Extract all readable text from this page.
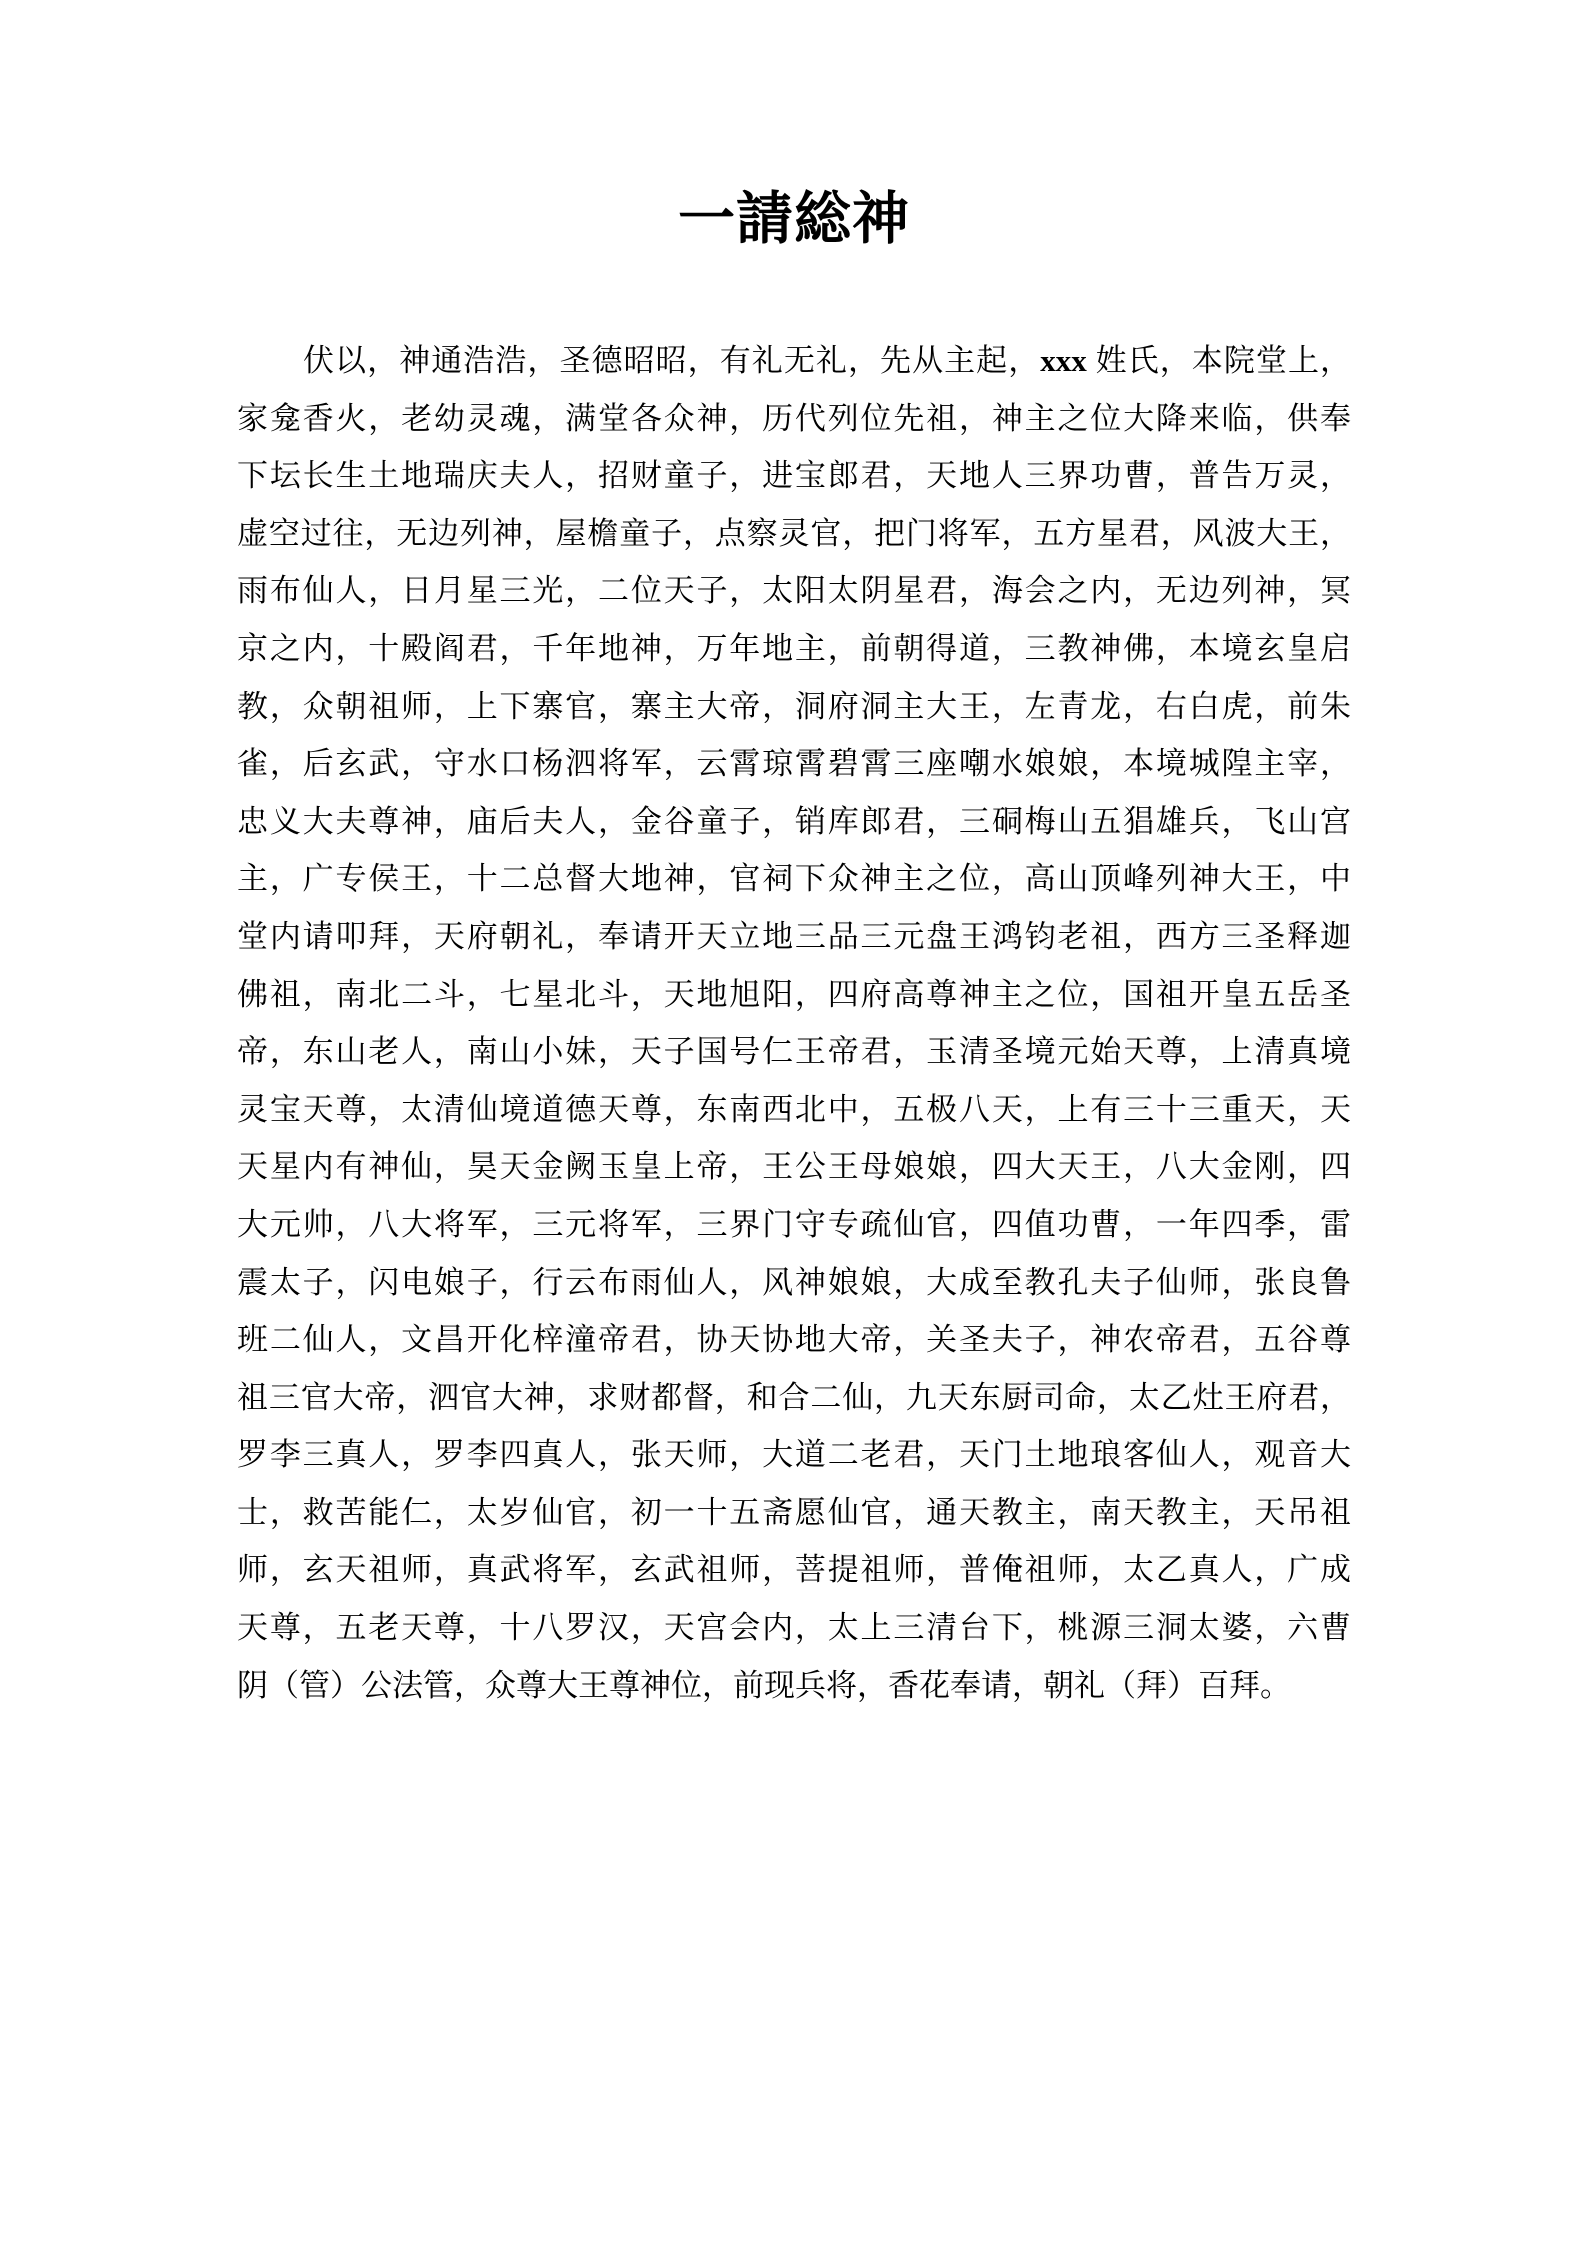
一請総神
伏以，神通浩浩，圣德昭昭，有礼无礼，先从主起，xxx 姓氏，本院堂上，
家龛香火，老幼灵魂，满堂各众神，历代列位先祖，神主之位大降来临，供奉
下坛长生土地瑞庆夫人，招财童子，进宝郎君，天地人三界功曹，普告万灵，
虚空过往，无边列神，屋檐童子，点察灵官，把门将军，五方星君，风波大王，
雨布仙人，日月星三光，二位天子，太阳太阴星君，海会之内，无边列神，冥
京之内，十殿阎君，千年地神，万年地主，前朝得道，三教神佛，本境玄皇启
教，众朝祖师，上下寨官，寨主大帝，洞府洞主大王，左青龙，右白虎，前朱
雀，后玄武，守水口杨泗将军，云霄琼霄碧霄三座嘲水娘娘，本境城隍主宰，
忠义大夫尊神，庙后夫人，金谷童子，销库郎君，三硐梅山五猖雄兵，飞山宫
主，广专侯王，十二总督大地神，官祠下众神主之位，高山顶峰列神大王，中
堂内请叩拜，天府朝礼，奉请开天立地三品三元盘王鸿钧老祖，西方三圣释迦
佛祖，南北二斗，七星北斗，天地旭阳，四府高尊神主之位，国祖开皇五岳圣
帝，东山老人，南山小妹，天子国号仁王帝君，玉清圣境元始天尊，上清真境
灵宝天尊，太清仙境道德天尊，东南西北中，五极八天，上有三十三重天，天
天星内有神仙，昊天金阙玉皇上帝，王公王母娘娘，四大天王，八大金刚，四
大元帅，八大将军，三元将军，三界门守专疏仙官，四值功曹，一年四季，雷
震太子，闪电娘子，行云布雨仙人，风神娘娘，大成至教孔夫子仙师，张良鲁
班二仙人，文昌开化梓潼帝君，协天协地大帝，关圣夫子，神农帝君，五谷尊
祖三官大帝，泗官大神，求财都督，和合二仙，九天东厨司命，太乙灶王府君，
罗李三真人，罗李四真人，张天师，大道二老君，天门土地琅客仙人，观音大
士，救苦能仁，太岁仙官，初一十五斋愿仙官，通天教主，南天教主，天吊祖
师，玄天祖师，真武将军，玄武祖师，菩提祖师，普俺祖师，太乙真人，广成
天尊，五老天尊，十八罗汉，天宫会内，太上三清台下，桃源三洞太婆，六曹
阴（管）公法管，众尊大王尊神位，前现兵将，香花奉请，朝礼（拜）百拜。
